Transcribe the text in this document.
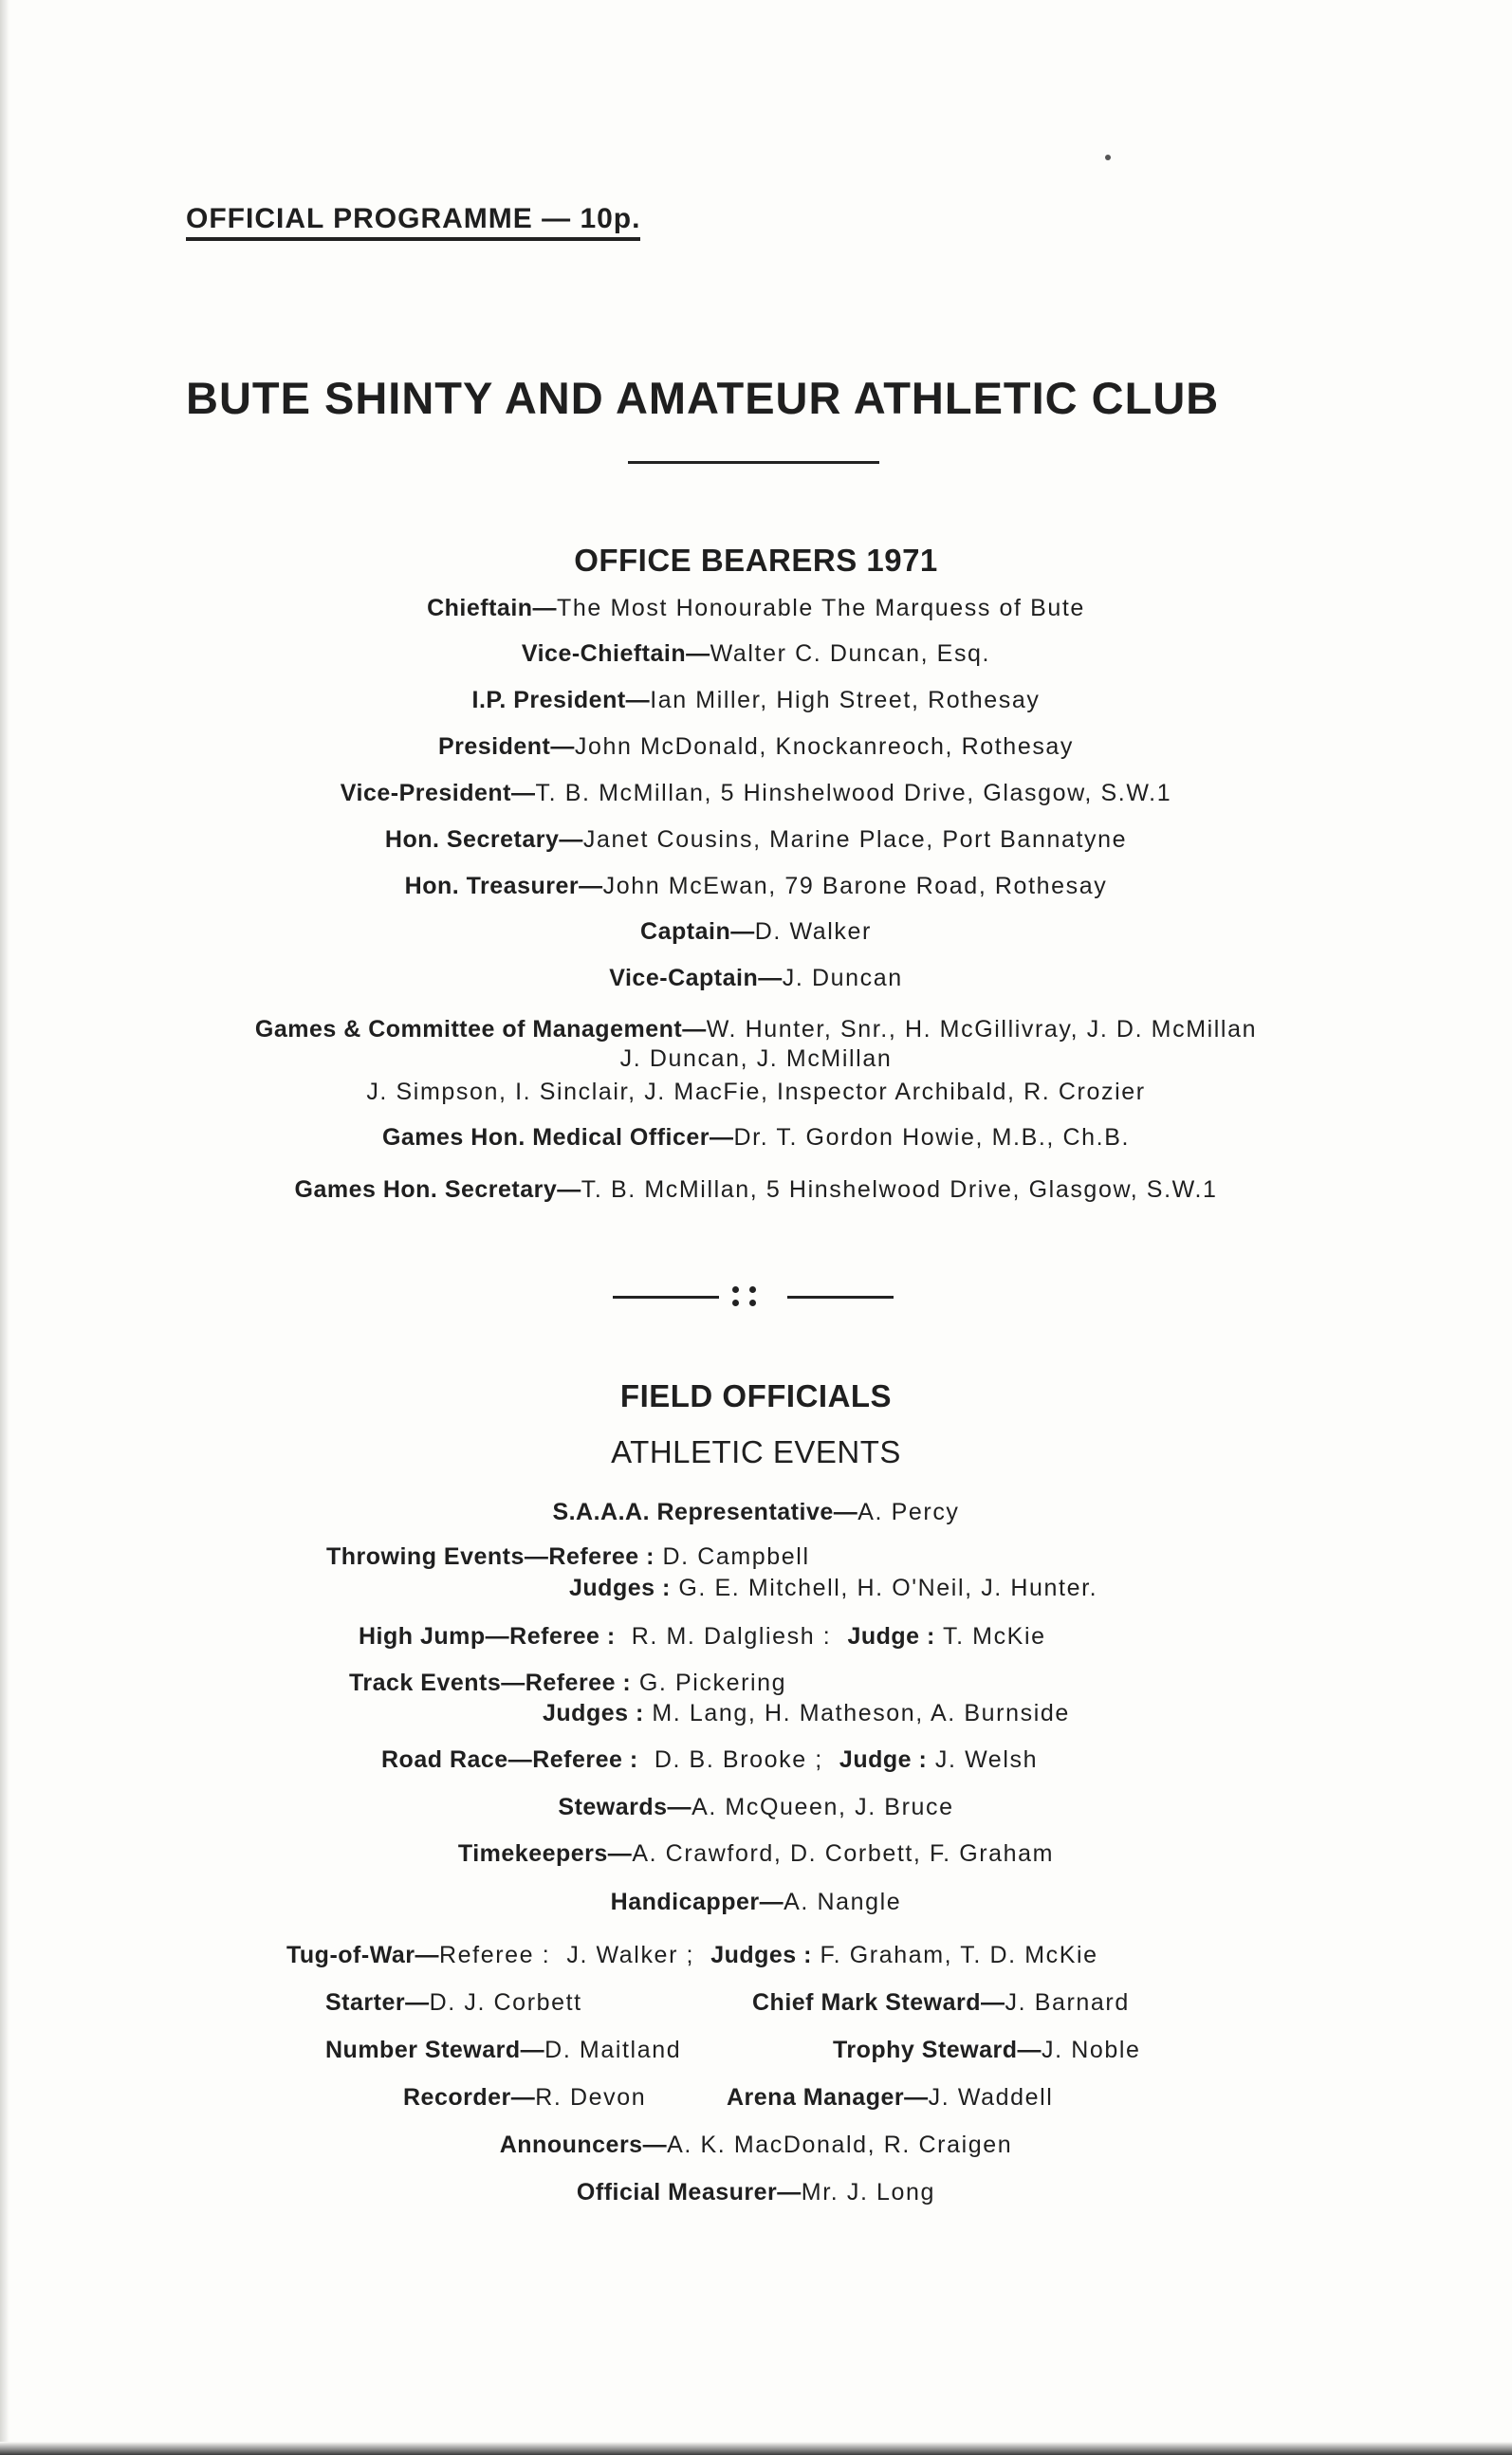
OFFICIAL PROGRAMME — 10p.
BUTE SHINTY AND AMATEUR ATHLETIC CLUB
OFFICE BEARERS 1971
Chieftain—The Most Honourable The Marquess of Bute
Vice-Chieftain—Walter C. Duncan, Esq.
I.P. President—Ian Miller, High Street, Rothesay
President—John McDonald, Knockanreoch, Rothesay
Vice-President—T. B. McMillan, 5 Hinshelwood Drive, Glasgow, S.W.1
Hon. Secretary—Janet Cousins, Marine Place, Port Bannatyne
Hon. Treasurer—John McEwan, 79 Barone Road, Rothesay
Captain—D. Walker
Vice-Captain—J. Duncan
Games & Committee of Management—W. Hunter, Snr., H. McGillivray, J. D. McMillan
J. Duncan, J. McMillan
J. Simpson, I. Sinclair, J. MacFie, Inspector Archibald, R. Crozier
Games Hon. Medical Officer—Dr. T. Gordon Howie, M.B., Ch.B.
Games Hon. Secretary—T. B. McMillan, 5 Hinshelwood Drive, Glasgow, S.W.1
FIELD OFFICIALS
ATHLETIC EVENTS
S.A.A.A. Representative—A. Percy
Throwing Events—Referee : D. Campbell
Judges : G. E. Mitchell, H. O'Neil, J. Hunter.
High Jump—Referee : R. M. Dalgliesh : Judge : T. McKie
Track Events—Referee : G. Pickering
Judges : M. Lang, H. Matheson, A. Burnside
Road Race—Referee : D. B. Brooke ; Judge : J. Welsh
Stewards—A. McQueen, J. Bruce
Timekeepers—A. Crawford, D. Corbett, F. Graham
Handicapper—A. Nangle
Tug-of-War—Referee : J. Walker ; Judges : F. Graham, T. D. McKie
Starter—D. J. Corbett	Chief Mark Steward—J. Barnard
Number Steward—D. Maitland	Trophy Steward—J. Noble
Recorder—R. Devon	Arena Manager—J. Waddell
Announcers—A. K. MacDonald, R. Craigen
Official Measurer—Mr. J. Long
